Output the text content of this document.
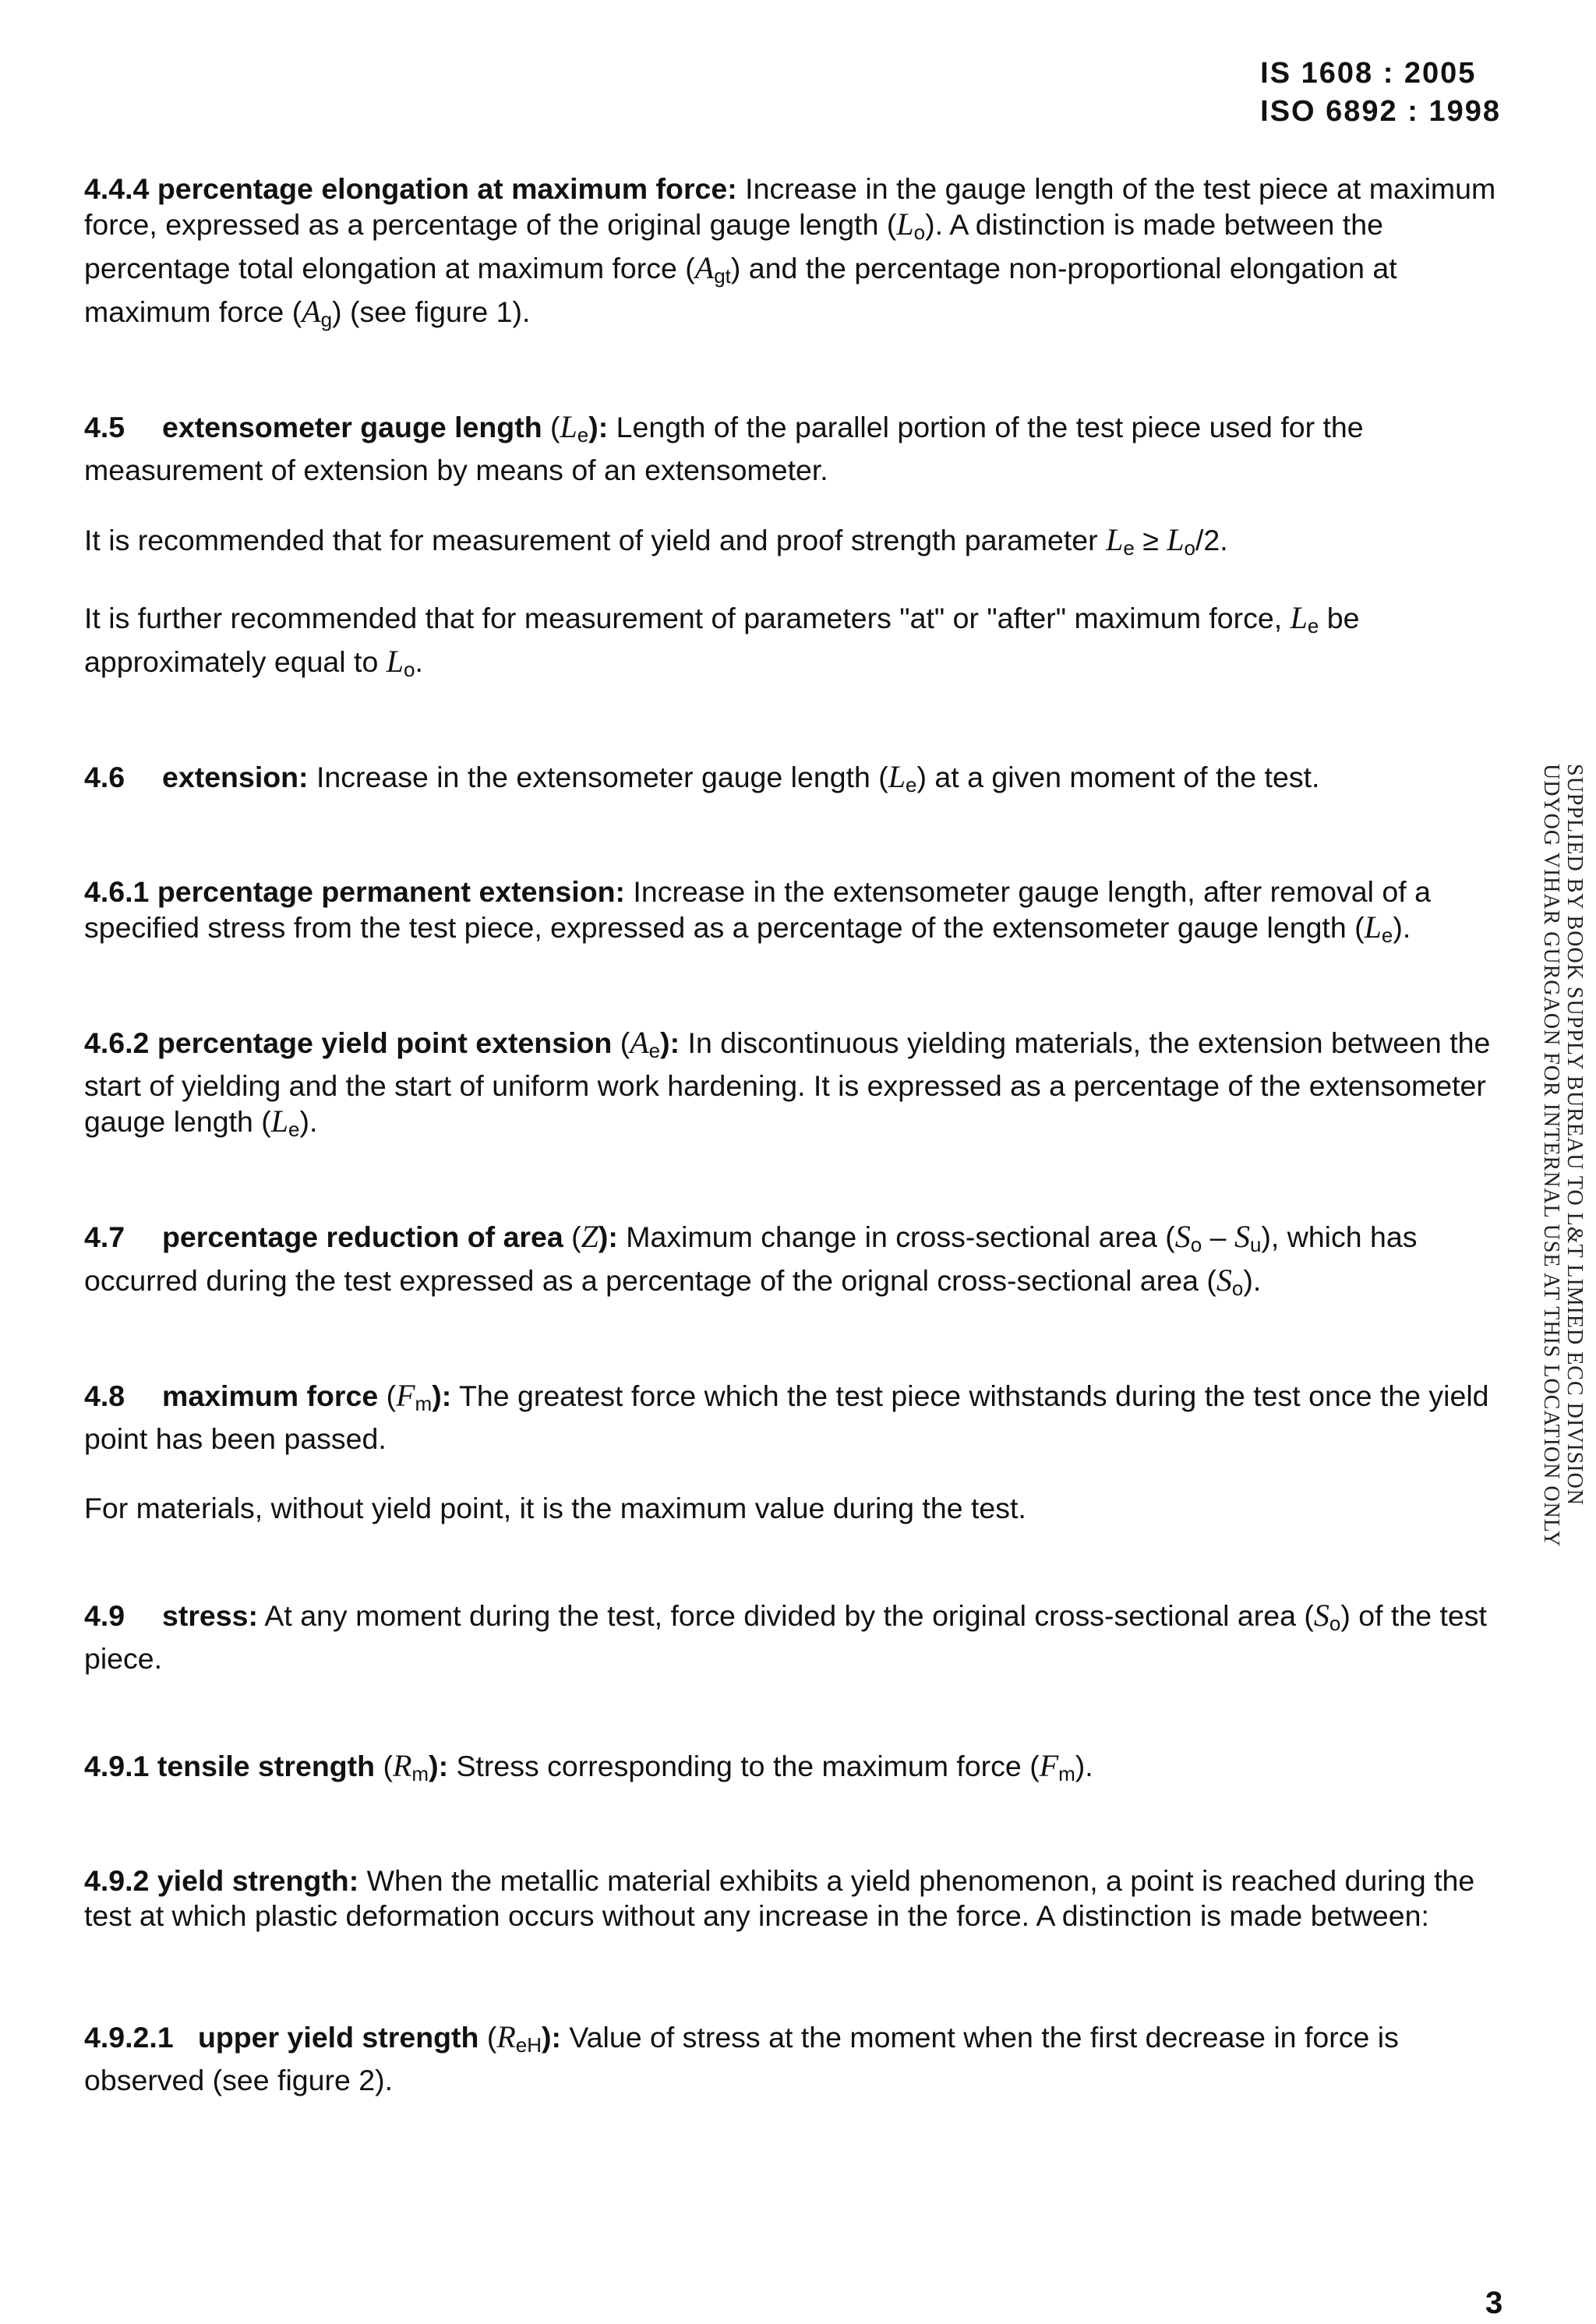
IS 1608 : 2005
ISO 6892 : 1998

4.4.4 percentage elongation at maximum force: Increase in the gauge length of the test piece at maximum force, expressed as a percentage of the original gauge length $(L_o)$. A distinction is made between the percentage total elongation at maximum force $(A_{gt})$ and the percentage non-proportional elongation at maximum force $(A_g)$ (see figure 1).

4.5 extensometer gauge length $(L_e)$: Length of the parallel portion of the test piece used for the measurement of extension by means of an extensometer.

It is recommended that for measurement of yield and proof strength parameter $L_e \ge L_o/2$.

It is further recommended that for measurement of parameters "at" or "after" maximum force, $L_e$ be approximately equal to $L_o$.

4.6 extension: Increase in the extensometer gauge length $(L_e)$ at a given moment of the test.

4.6.1 percentage permanent extension: Increase in the extensometer gauge length, after removal of a specified stress from the test piece, expressed as a percentage of the extensometer gauge length $(L_e)$.

4.6.2 percentage yield point extension $(A_e)$: In discontinuous yielding materials, the extension between the start of yielding and the start of uniform work hardening. It is expressed as a percentage of the extensometer gauge length $(L_e)$.

4.7 percentage reduction of area (Z): Maximum change in cross-sectional area $(S_o - S_u)$, which has occurred during the test expressed as a percentage of the orignal cross-sectional area $(S_o)$.

4.8 maximum force $(F_m)$: The greatest force which the test piece withstands during the test once the yield point has been passed.

For materials, without yield point, it is the maximum value during the test.

4.9 stress: At any moment during the test, force divided by the original cross-sectional area $(S_o)$ of the test piece.

4.9.1 tensile strength $(R_m)$: Stress corresponding to the maximum force $(F_m)$.

4.9.2 yield strength: When the metallic material exhibits a yield phenomenon, a point is reached during the test at which plastic deformation occurs without any increase in the force. A distinction is made between:

4.9.2.1 upper yield strength $(R_{eH})$: Value of stress at the moment when the first decrease in force is observed (see figure 2).

SUPPLIED BY BOOK SUPPLY BUREAU TO L&T LIMIED ECC DIVISION
UDYOG VIHAR GURGAON FOR INTERNAL USE AT THIS LOCATION ONLY
3
